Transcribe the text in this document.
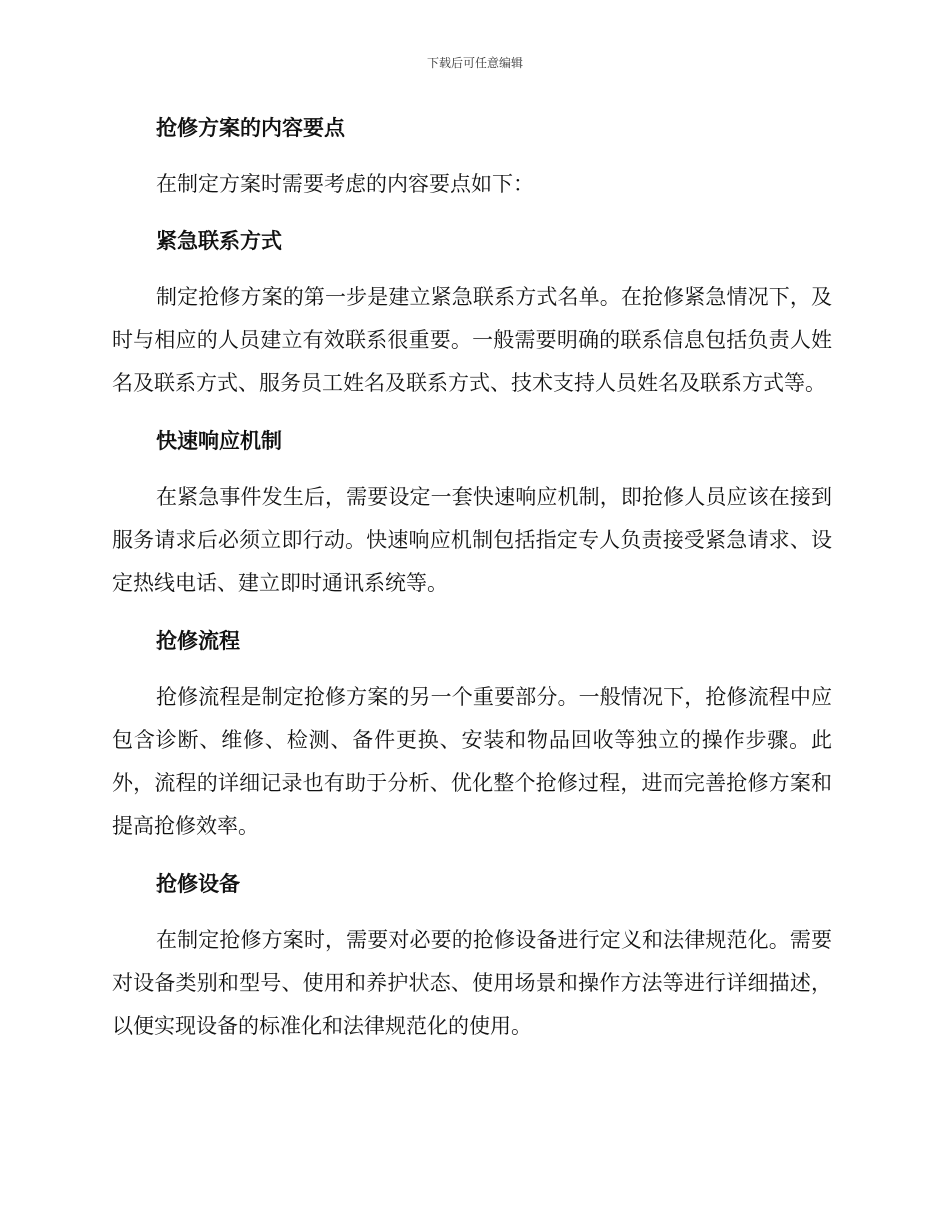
下载后可任意编辑

抢修方案的内容要点

在制定方案时需要考虑的内容要点如下：

紧急联系方式

制定抢修方案的第一步是建立紧急联系方式名单。在抢修紧急情况下，及时与相应的人员建立有效联系很重要。一般需要明确的联系信息包括负责人姓名及联系方式、服务员工姓名及联系方式、技术支持人员姓名及联系方式等。

快速响应机制

在紧急事件发生后，需要设定一套快速响应机制，即抢修人员应该在接到服务请求后必须立即行动。快速响应机制包括指定专人负责接受紧急请求、设定热线电话、建立即时通讯系统等。

抢修流程

抢修流程是制定抢修方案的另一个重要部分。一般情况下，抢修流程中应包含诊断、维修、检测、备件更换、安装和物品回收等独立的操作步骤。此外，流程的详细记录也有助于分析、优化整个抢修过程，进而完善抢修方案和提高抢修效率。

抢修设备

在制定抢修方案时，需要对必要的抢修设备进行定义和法律规范化。需要对设备类别和型号、使用和养护状态、使用场景和操作方法等进行详细描述，以便实现设备的标准化和法律规范化的使用。
